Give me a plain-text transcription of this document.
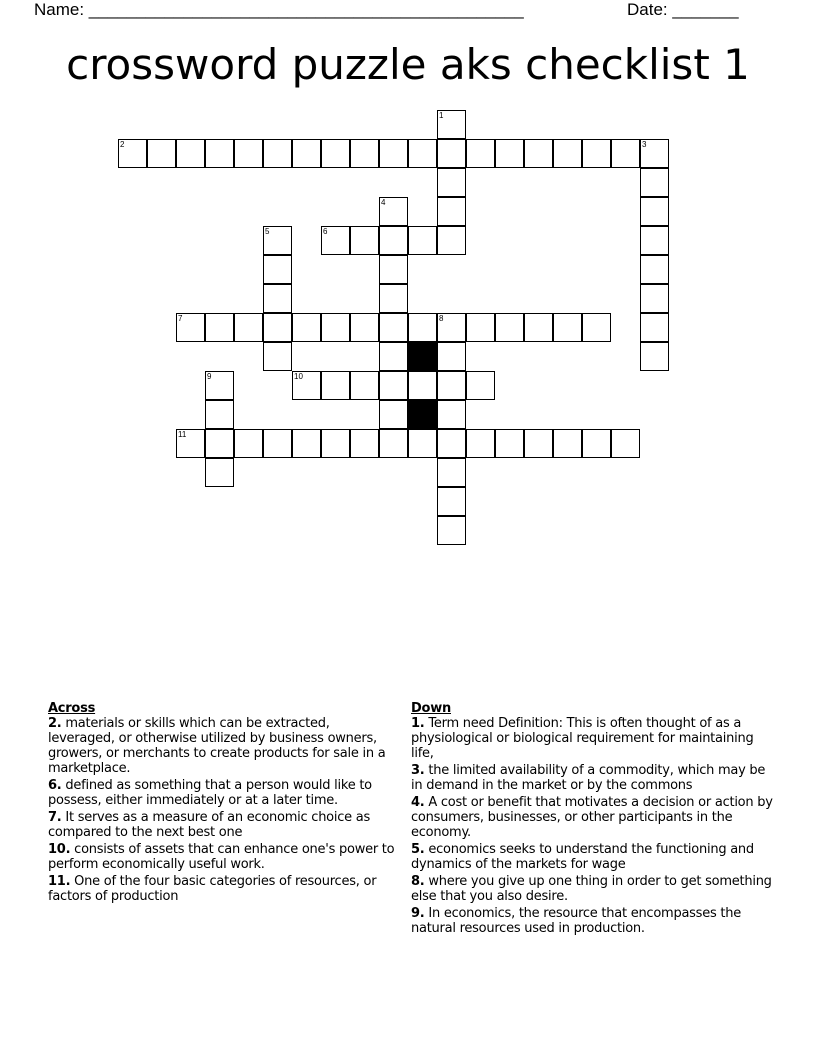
Name: ______________________________________________	Date: _______
crossword puzzle aks checklist 1
1
2	3
4
5	6
7	8
9	10
11
Across
2. materials or skills which can be extracted, leveraged, or otherwise utilized by business owners, growers, or merchants to create products for sale in a marketplace.
6. defined as something that a person would like to possess, either immediately or at a later time.
7. It serves as a measure of an economic choice as compared to the next best one
10. consists of assets that can enhance one's power to perform economically useful work.
11. One of the four basic categories of resources, or factors of production
Down
1. Term need Definition: This is often thought of as a physiological or biological requirement for maintaining life,
3. the limited availability of a commodity, which may be in demand in the market or by the commons
4. A cost or benefit that motivates a decision or action by consumers, businesses, or other participants in the economy.
5. economics seeks to understand the functioning and dynamics of the markets for wage
8. where you give up one thing in order to get something else that you also desire.
9. In economics, the resource that encompasses the natural resources used in production.
